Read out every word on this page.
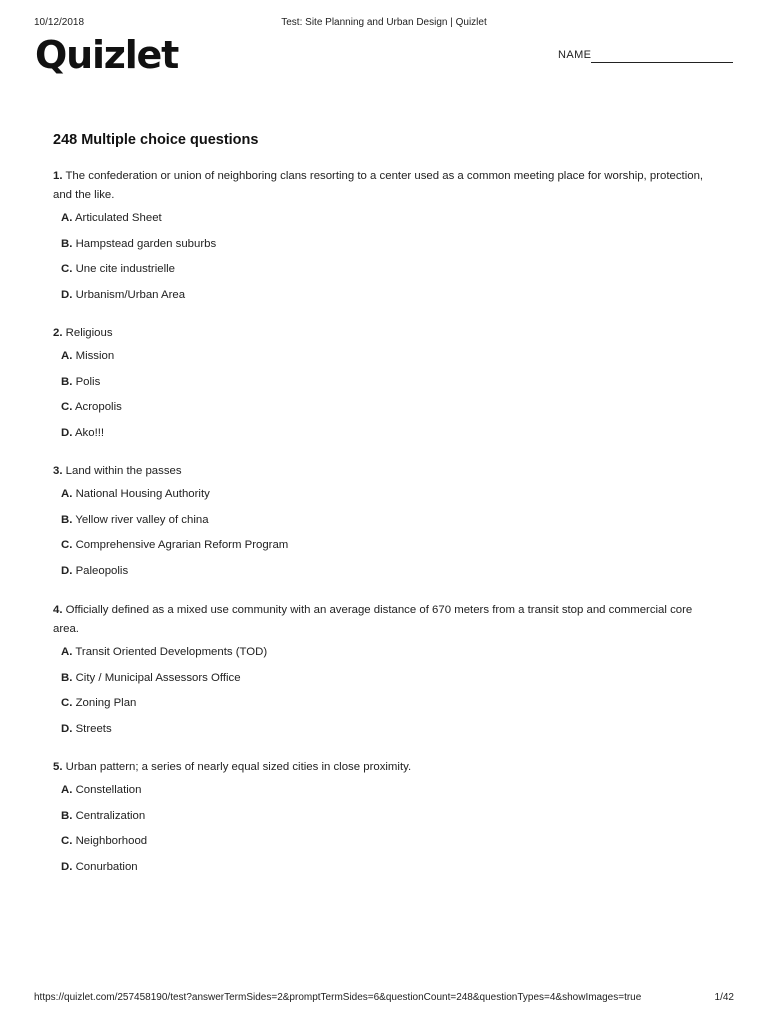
10/12/2018	Test: Site Planning and Urban Design | Quizlet
Quizlet	NAME
248 Multiple choice questions
1. The confederation or union of neighboring clans resorting to a center used as a common meeting place for worship, protection, and the like.
A. Articulated Sheet
B. Hampstead garden suburbs
C. Une cite industrielle
D. Urbanism/Urban Area
2. Religious
A. Mission
B. Polis
C. Acropolis
D. Ako!!!
3. Land within the passes
A. National Housing Authority
B. Yellow river valley of china
C. Comprehensive Agrarian Reform Program
D. Paleopolis
4. Officially defined as a mixed use community with an average distance of 670 meters from a transit stop and commercial core area.
A. Transit Oriented Developments (TOD)
B. City / Municipal Assessors Office
C. Zoning Plan
D. Streets
5. Urban pattern; a series of nearly equal sized cities in close proximity.
A. Constellation
B. Centralization
C. Neighborhood
D. Conurbation
https://quizlet.com/257458190/test?answerTermSides=2&promptTermSides=6&questionCount=248&questionTypes=4&showImages=true	1/42
